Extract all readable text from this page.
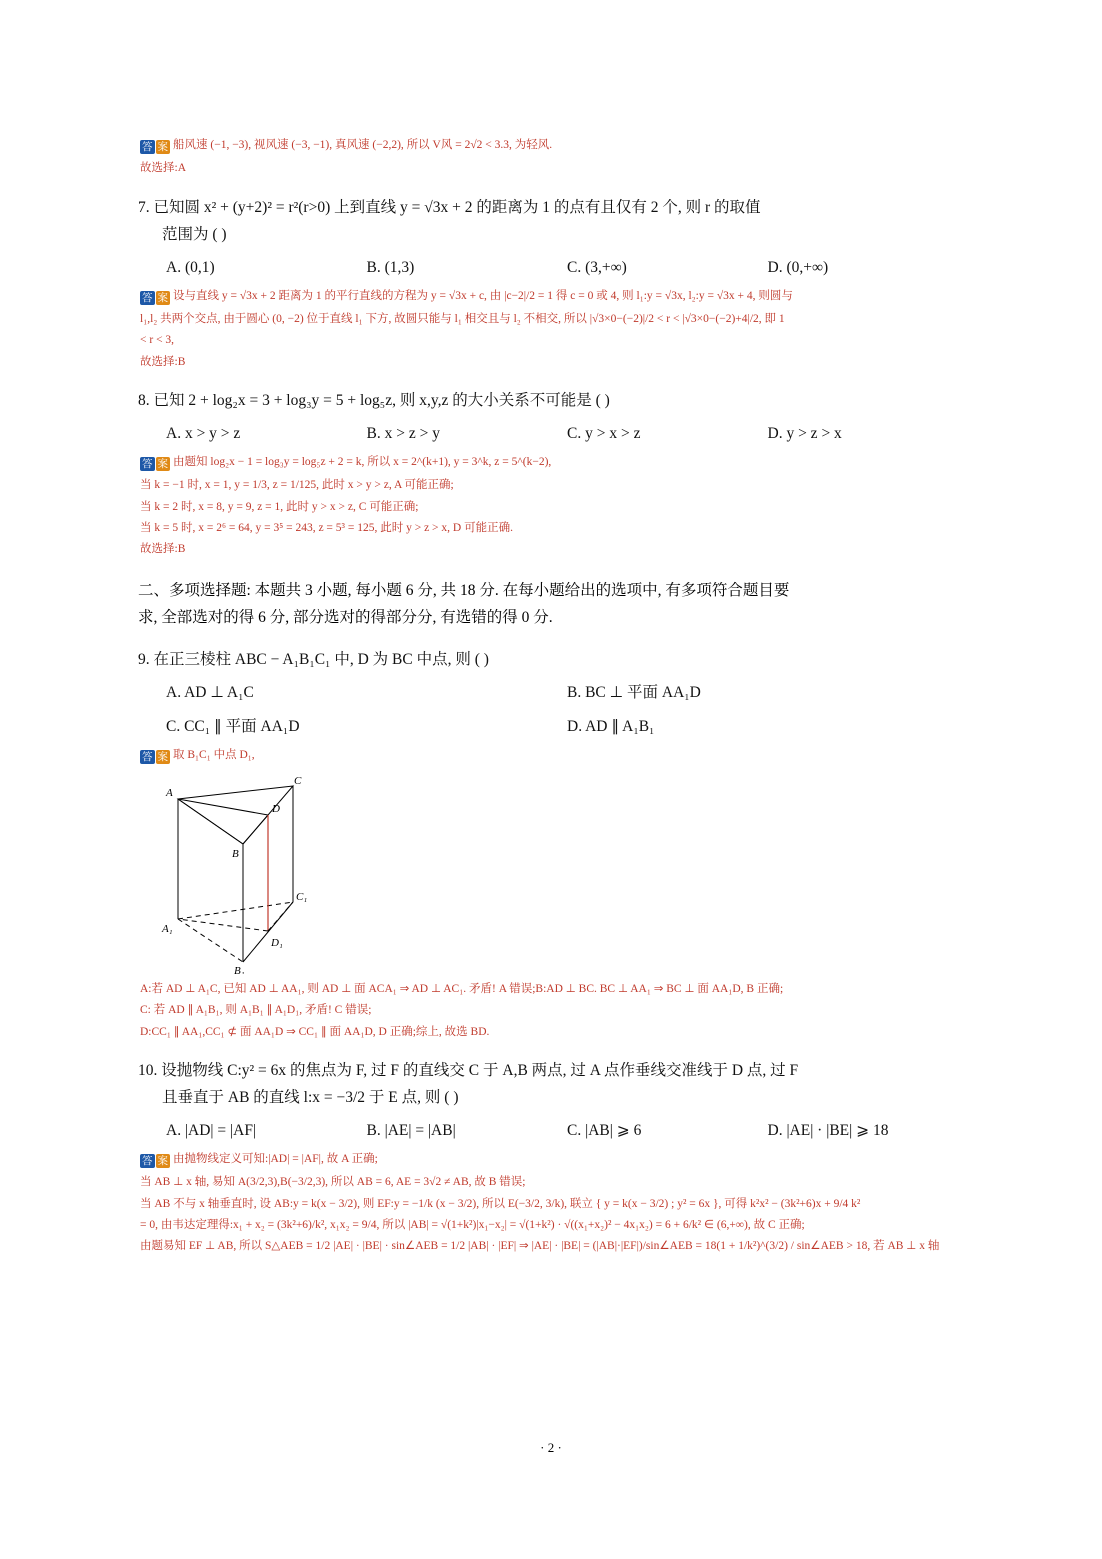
答 案 船风速 (−1, −3), 视风速 (−3, −1), 真风速 (−2,2), 所以 V风 = 2√2 < 3.3, 为轻风.
故选择:A
7. 已知圆 x² + (y+2)² = r²(r>0) 上到直线 y = √3x + 2 的距离为 1 的点有且仅有 2 个, 则 r 的取值
范围为 ( )
A. (0,1)	B. (1,3)	C. (3,+∞)	D. (0,+∞)
答 案 设与直线 y = √3x + 2 距离为 1 的平行直线的方程为 y = √3x + c, 由 |c−2|/2 = 1 得 c = 0 或 4, 则 l₁:y = √3x, l₂:y = √3x + 4, 则圆与
l₁,l₂ 共两个交点, 由于圆心 (0, −2) 位于直线 l₁ 下方, 故圆只能与 l₁ 相交且与 l₂ 不相交, 所以 |√3×0−(−2)|/2 < r < |√3×0−(−2)+4|/2, 即 1
< r < 3,
故选择:B
8. 已知 2 + log₂x = 3 + log₃y = 5 + log₅z, 则 x,y,z 的大小关系不可能是 ( )
A. x > y > z	B. x > z > y	C. y > x > z	D. y > z > x
答 案 由题知 log₂x − 1 = log₃y = log₅z + 2 = k, 所以 x = 2^(k+1), y = 3^k, z = 5^(k−2),
当 k = −1 时, x = 1, y = 1/3, z = 1/125, 此时 x > y > z, A 可能正确;
当 k = 2 时, x = 8, y = 9, z = 1, 此时 y > x > z, C 可能正确;
当 k = 5 时, x = 2⁶ = 64, y = 3⁵ = 243, z = 5³ = 125, 此时 y > z > x, D 可能正确.
故选择:B
二、多项选择题: 本题共 3 小题, 每小题 6 分, 共 18 分. 在每小题给出的选项中, 有多项符合题目要
求, 全部选对的得 6 分, 部分选对的得部分分, 有选错的得 0 分.
9. 在正三棱柱 ABC − A₁B₁C₁ 中, D 为 BC 中点, 则 ( )
A. AD ⊥ A₁C	B. BC ⊥ 平面 AA₁D
C. CC₁ ∥ 平面 AA₁D	D. AD ∥ A₁B₁
答 案 取 B₁C₁ 中点 D₁,
A
C
D
B
A₁
C₁
D₁
B₁
A:若 AD ⊥ A₁C, 已知 AD ⊥ AA₁, 则 AD ⊥ 面 ACA₁ ⇒ AD ⊥ AC₁. 矛盾! A 错误;B:AD ⊥ BC. BC ⊥ AA₁ ⇒ BC ⊥ 面 AA₁D, B 正确;
C: 若 AD ∥ A₁B₁, 则 A₁B₁ ∥ A₁D₁, 矛盾! C 错误;
D:CC₁ ∥ AA₁,CC₁ ⊄ 面 AA₁D ⇒ CC₁ ∥ 面 AA₁D, D 正确;综上, 故选 BD.
10. 设抛物线 C:y² = 6x 的焦点为 F, 过 F 的直线交 C 于 A,B 两点, 过 A 点作垂线交准线于 D 点, 过 F
且垂直于 AB 的直线 l:x = −3/2 于 E 点, 则 ( )
A. |AD| = |AF|	B. |AE| = |AB|	C. |AB| ⩾ 6	D. |AE| · |BE| ⩾ 18
答 案 由抛物线定义可知:|AD| = |AF|, 故 A 正确;
当 AB ⊥ x 轴, 易知 A(3/2,3),B(−3/2,3), 所以 AB = 6, AE = 3√2 ≠ AB, 故 B 错误;
当 AB 不与 x 轴垂直时, 设 AB:y = k(x − 3/2), 则 EF:y = −1/k (x − 3/2), 所以 E(−3/2, 3/k), 联立 { y = k(x − 3/2) ; y² = 6x }, 可得 k²x² − (3k²+6)x + 9/4 k²
= 0, 由韦达定理得:x₁ + x₂ = (3k²+6)/k², x₁x₂ = 9/4, 所以 |AB| = √(1+k²)|x₁−x₂| = √(1+k²) · √((x₁+x₂)² − 4x₁x₂) = 6 + 6/k² ∈ (6,+∞), 故 C 正确;
由题易知 EF ⊥ AB, 所以 S△AEB = 1/2 |AE| · |BE| · sin∠AEB = 1/2 |AB| · |EF| ⇒ |AE| · |BE| = (|AB|·|EF|)/sin∠AEB = 18(1 + 1/k²)^(3/2) / sin∠AEB > 18, 若 AB ⊥ x 轴
· 2 ·
